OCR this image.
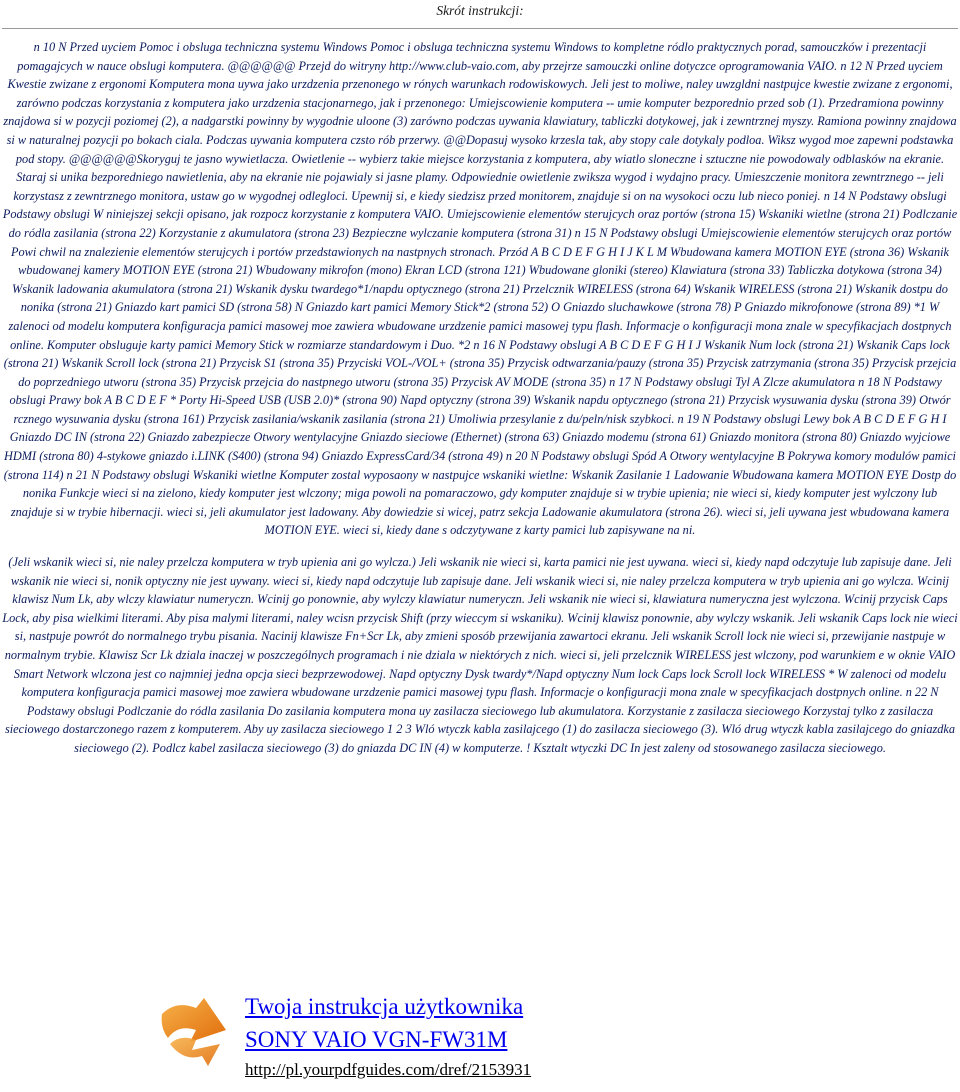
Skrót instrukcji:

n 10 N Przed uyciem Pomoc i obsluga techniczna systemu Windows Pomoc i obsluga techniczna systemu Windows to kompletne ródlo praktycznych porad, samouczków i prezentacji pomagajcych w nauce obslugi komputera. @@@@@@ Przejd do witryny http://www.club-vaio.com, aby przejrze samouczki online dotyczce oprogramowania VAIO. n 12 N Przed uyciem Kwestie zwizane z ergonomi Komputera mona uywa jako urzdzenia przenonego w rónych warunkach rodowiskowych. Jeli jest to moliwe, naley uwzgldni nastpujce kwestie zwizane z ergonomi, zarówno podczas korzystania z komputera jako urzdzenia stacjonarnego, jak i przenonego: Umiejscowienie komputera -- umie komputer bezporednio przed sob (1). Przedramiona powinny znajdowa si w pozycji poziomej (2), a nadgarstki powinny by wygodnie uloone (3) zarówno podczas uywania klawiatury, tabliczki dotykowej, jak i zewntrznej myszy. Ramiona powinny znajdowa si w naturalnej pozycji po bokach ciala. Podczas uywania komputera czsto rób przerwy. @@Dopasuj wysoko krzesla tak, aby stopy cale dotykaly podloa. Wiksz wygod moe zapewni podstawka pod stopy. @@@@@@Skoryguj te jasno wywietlacza. Owietlenie -- wybierz takie miejsce korzystania z komputera, aby wiatlo sloneczne i sztuczne nie powodowaly odblasków na ekranie. Staraj si unika bezporedniego nawietlenia, aby na ekranie nie pojawialy si jasne plamy. Odpowiednie owietlenie zwiksza wygod i wydajno pracy. Umieszczenie monitora zewntrznego -- jeli korzystasz z zewntrznego monitora, ustaw go w wygodnej odlegloci. Upewnij si, e kiedy siedzisz przed monitorem, znajduje si on na wysokoci oczu lub nieco poniej. n 14 N Podstawy obslugi Podstawy obslugi W niniejszej sekcji opisano, jak rozpocz korzystanie z komputera VAIO. Umiejscowienie elementów sterujcych oraz portów (strona 15) Wskaniki wietlne (strona 21) Podlczanie do ródla zasilania (strona 22) Korzystanie z akumulatora (strona 23) Bezpieczne wylczanie komputera (strona 31) n 15 N Podstawy obslugi Umiejscowienie elementów sterujcych oraz portów Powi chwil na znalezienie elementów sterujcych i portów przedstawionych na nastpnych stronach. Przód A B C D E F G H I J K L M Wbudowana kamera MOTION EYE (strona 36) Wskanik wbudowanej kamery MOTION EYE (strona 21) Wbudowany mikrofon (mono) Ekran LCD (strona 121) Wbudowane gloniki (stereo) Klawiatura (strona 33) Tabliczka dotykowa (strona 34) Wskanik ladowania akumulatora (strona 21) Wskanik dysku twardego*1/napdu optycznego (strona 21) Przelcznik WIRELESS (strona 64) Wskanik WIRELESS (strona 21) Wskanik dostpu do nonika (strona 21) Gniazdo kart pamici SD (strona 58) N Gniazdo kart pamici Memory Stick*2 (strona 52) O Gniazdo sluchawkowe (strona 78) P Gniazdo mikrofonowe (strona 89) *1 W zalenoci od modelu komputera konfiguracja pamici masowej moe zawiera wbudowane urzdzenie pamici masowej typu flash. Informacje o konfiguracji mona znale w specyfikacjach dostpnych online. Komputer obsluguje karty pamici Memory Stick w rozmiarze standardowym i Duo. *2 n 16 N Podstawy obslugi A B C D E F G H I J Wskanik Num lock (strona 21) Wskanik Caps lock (strona 21) Wskanik Scroll lock (strona 21) Przycisk S1 (strona 35) Przyciski VOL-/VOL+ (strona 35) Przycisk odtwarzania/pauzy (strona 35) Przycisk zatrzymania (strona 35) Przycisk przejcia do poprzedniego utworu (strona 35) Przycisk przejcia do nastpnego utworu (strona 35) Przycisk AV MODE (strona 35) n 17 N Podstawy obslugi Tyl A Zlcze akumulatora n 18 N Podstawy obslugi Prawy bok A B C D E F * Porty Hi-Speed USB (USB 2.0)* (strona 90) Napd optyczny (strona 39) Wskanik napdu optycznego (strona 21) Przycisk wysuwania dysku (strona 39) Otwór rcznego wysuwania dysku (strona 161) Przycisk zasilania/wskanik zasilania (strona 21) Umoliwia przesylanie z du/peln/nisk szybkoci. n 19 N Podstawy obslugi Lewy bok A B C D E F G H I Gniazdo DC IN (strona 22) Gniazdo zabezpiecze Otwory wentylacyjne Gniazdo sieciowe (Ethernet) (strona 63) Gniazdo modemu (strona 61) Gniazdo monitora (strona 80) Gniazdo wyjciowe HDMI (strona 80) 4-stykowe gniazdo i.LINK (S400) (strona 94) Gniazdo ExpressCard/34 (strona 49) n 20 N Podstawy obslugi Spód A Otwory wentylacyjne B Pokrywa komory modulów pamici (strona 114) n 21 N Podstawy obslugi Wskaniki wietlne Komputer zostal wyposaony w nastpujce wskaniki wietlne: Wskanik Zasilanie 1 Ladowanie Wbudowana kamera MOTION EYE Dostp do nonika Funkcje wieci si na zielono, kiedy komputer jest wlczony; miga powoli na pomaraczowo, gdy komputer znajduje si w trybie upienia; nie wieci si, kiedy komputer jest wylczony lub znajduje si w trybie hibernacji. wieci si, jeli akumulator jest ladowany. Aby dowiedzie si wicej, patrz sekcja Ladowanie akumulatora (strona 26). wieci si, jeli uywana jest wbudowana kamera MOTION EYE. wieci si, kiedy dane s odczytywane z karty pamici lub zapisywane na ni.

(Jeli wskanik wieci si, nie naley przelcza komputera w tryb upienia ani go wylcza.) Jeli wskanik nie wieci si, karta pamici nie jest uywana. wieci si, kiedy napd odczytuje lub zapisuje dane. Jeli wskanik nie wieci si, nonik optyczny nie jest uywany. wieci si, kiedy napd odczytuje lub zapisuje dane. Jeli wskanik wieci si, nie naley przelcza komputera w tryb upienia ani go wylcza. Wcinij klawisz Num Lk, aby wlczy klawiatur numeryczn. Wcinij go ponownie, aby wylczy klawiatur numeryczn. Jeli wskanik nie wieci si, klawiatura numeryczna jest wylczona. Wcinij przycisk Caps Lock, aby pisa wielkimi literami. Aby pisa malymi literami, naley wcisn przycisk Shift (przy wieccym si wskaniku). Wcinij klawisz ponownie, aby wylczy wskanik. Jeli wskanik Caps lock nie wieci si, nastpuje powrót do normalnego trybu pisania. Nacinij klawisze Fn+Scr Lk, aby zmieni sposób przewijania zawartoci ekranu. Jeli wskanik Scroll lock nie wieci si, przewijanie nastpuje w normalnym trybie. Klawisz Scr Lk dziala inaczej w poszczególnych programach i nie dziala w niektórych z nich. wieci si, jeli przelcznik WIRELESS jest wlczony, pod warunkiem e w oknie VAIO Smart Network wlczona jest co najmniej jedna opcja sieci bezprzewodowej. Napd optyczny Dysk twardy*/Napd optyczny Num lock Caps lock Scroll lock WIRELESS * W zalenoci od modelu komputera konfiguracja pamici masowej moe zawiera wbudowane urzdzenie pamici masowej typu flash. Informacje o konfiguracji mona znale w specyfikacjach dostpnych online. n 22 N Podstawy obslugi Podlczanie do ródla zasilania Do zasilania komputera mona uy zasilacza sieciowego lub akumulatora. Korzystanie z zasilacza sieciowego Korzystaj tylko z zasilacza sieciowego dostarczonego razem z komputerem. Aby uy zasilacza sieciowego 1 2 3 Wló wtyczk kabla zasilajcego (1) do zasilacza sieciowego (3). Wló drug wtyczk kabla zasilajcego do gniazdka sieciowego (2). Podlcz kabel zasilacza sieciowego (3) do gniazda DC IN (4) w komputerze. ! Ksztalt wtyczki DC In jest zaleny od stosowanego zasilacza sieciowego.

Twoja instrukcja użytkownika
SONY VAIO VGN-FW31M
http://pl.yourpdfguides.com/dref/2153931
